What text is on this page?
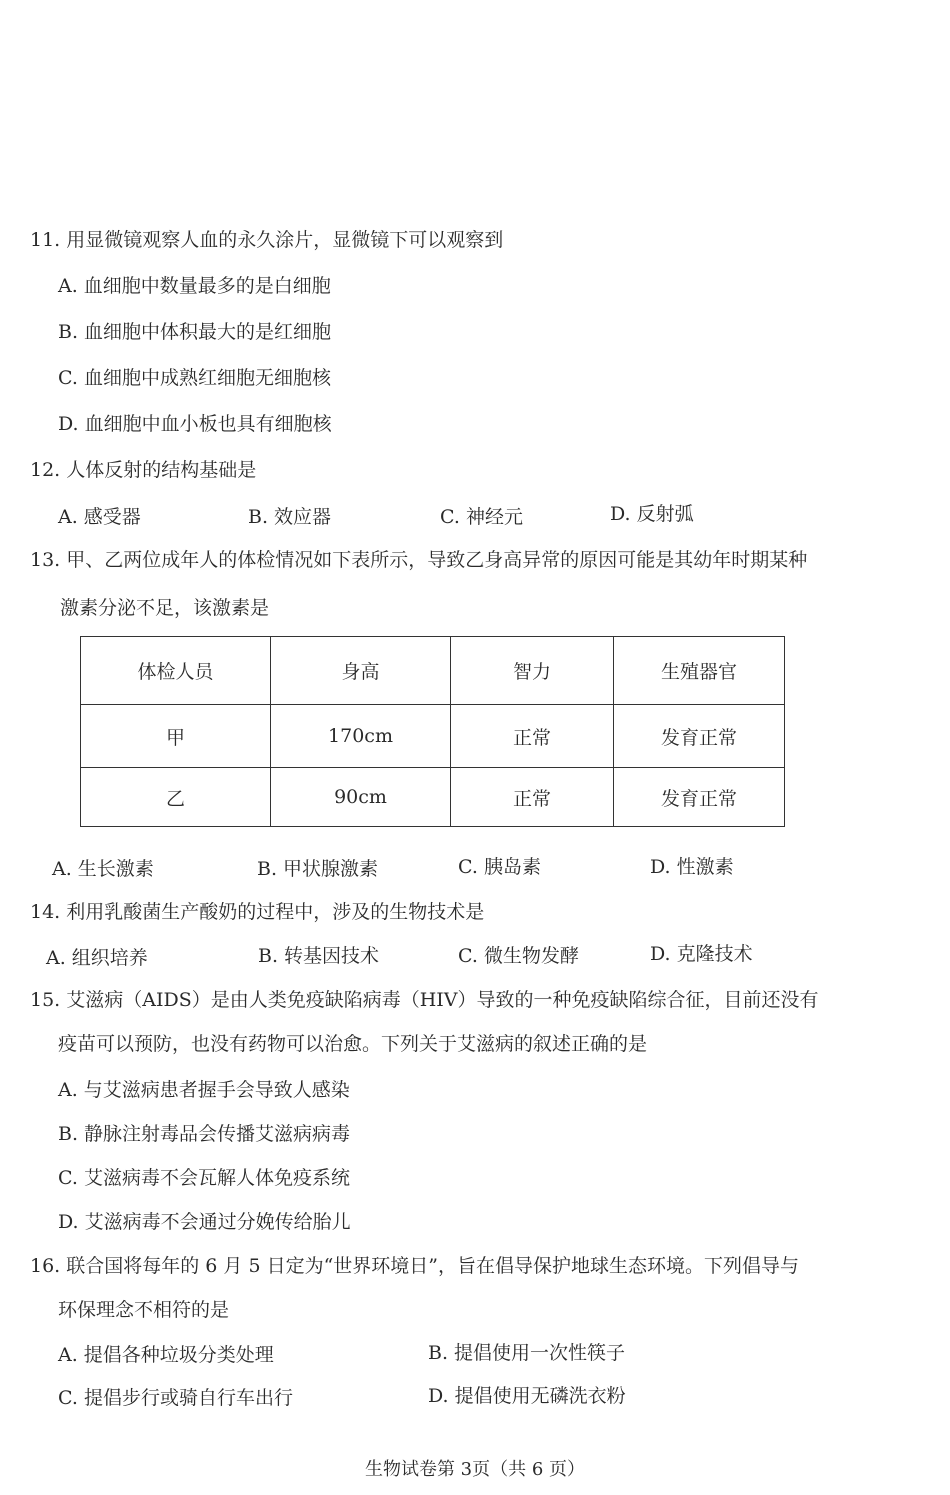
11. 用显微镜观察人血的永久涂片，显微镜下可以观察到
A. 血细胞中数量最多的是白细胞
B. 血细胞中体积最大的是红细胞
C. 血细胞中成熟红细胞无细胞核
D. 血细胞中血小板也具有细胞核
12. 人体反射的结构基础是
A. 感受器	B. 效应器	C. 神经元	D. 反射弧
13. 甲、乙两位成年人的体检情况如下表所示，导致乙身高异常的原因可能是其幼年时期某种
激素分泌不足，该激素是
体检人员	身高	智力	生殖器官
甲	170cm	正常	发育正常
乙	90cm	正常	发育正常
A. 生长激素	B. 甲状腺激素	C. 胰岛素	D. 性激素
14. 利用乳酸菌生产酸奶的过程中，涉及的生物技术是
A. 组织培养	B. 转基因技术	C. 微生物发酵	D. 克隆技术
15. 艾滋病（AIDS）是由人类免疫缺陷病毒（HIV）导致的一种免疫缺陷综合征，目前还没有
疫苗可以预防，也没有药物可以治愈。下列关于艾滋病的叙述正确的是
A. 与艾滋病患者握手会导致人感染
B. 静脉注射毒品会传播艾滋病病毒
C. 艾滋病毒不会瓦解人体免疫系统
D. 艾滋病毒不会通过分娩传给胎儿
16. 联合国将每年的 6 月 5 日定为“世界环境日”，旨在倡导保护地球生态环境。下列倡导与
环保理念不相符的是
A. 提倡各种垃圾分类处理	B. 提倡使用一次性筷子
C. 提倡步行或骑自行车出行	D. 提倡使用无磷洗衣粉
生物试卷第 3页（共 6 页）
